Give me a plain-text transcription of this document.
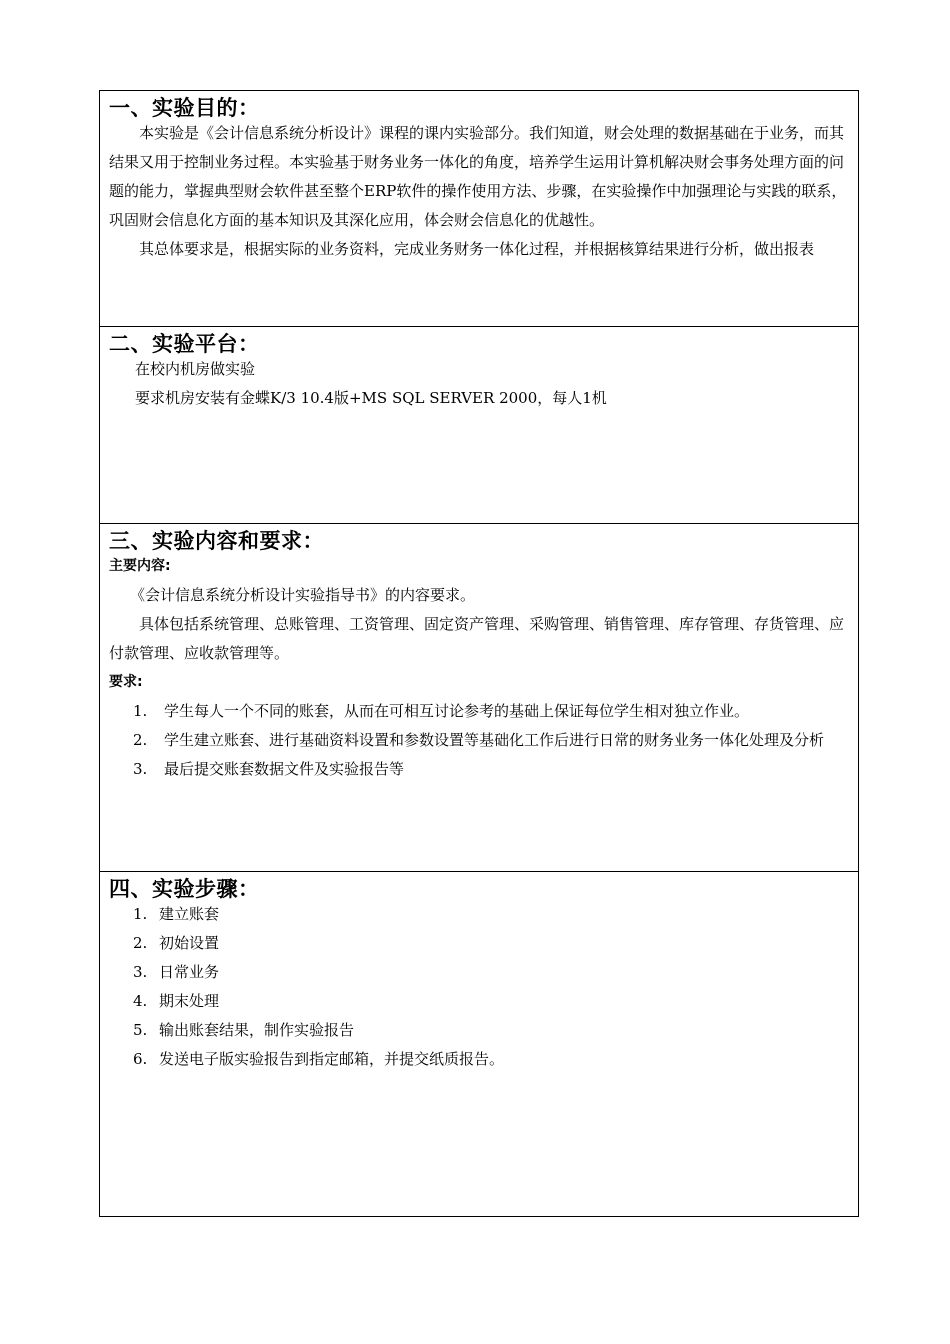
一、实验目的：

本实验是《会计信息系统分析设计》课程的课内实验部分。我们知道，财会处理的数据基础在于业务，而其结果又用于控制业务过程。本实验基于财务业务一体化的角度，培养学生运用计算机解决财会事务处理方面的问题的能力，掌握典型财会软件甚至整个ERP软件的操作使用方法、步骤，在实验操作中加强理论与实践的联系，巩固财会信息化方面的基本知识及其深化应用，体会财会信息化的优越性。

其总体要求是，根据实际的业务资料，完成业务财务一体化过程，并根据核算结果进行分析，做出报表

二、实验平台：

在校内机房做实验

要求机房安装有金蝶K/3 10.4版+MS SQL SERVER 2000，每人1机

三、实验内容和要求：

主要内容:

《会计信息系统分析设计实验指导书》的内容要求。

具体包括系统管理、总账管理、工资管理、固定资产管理、采购管理、销售管理、库存管理、存货管理、应付款管理、应收款管理等。

要求:

1. 学生每人一个不同的账套，从而在可相互讨论参考的基础上保证每位学生相对独立作业。

2. 学生建立账套、进行基础资料设置和参数设置等基础化工作后进行日常的财务业务一体化处理及分析

3. 最后提交账套数据文件及实验报告等

四、实验步骤：

1. 建立账套

2. 初始设置

3. 日常业务

4. 期末处理

5. 输出账套结果，制作实验报告

6. 发送电子版实验报告到指定邮箱，并提交纸质报告。
